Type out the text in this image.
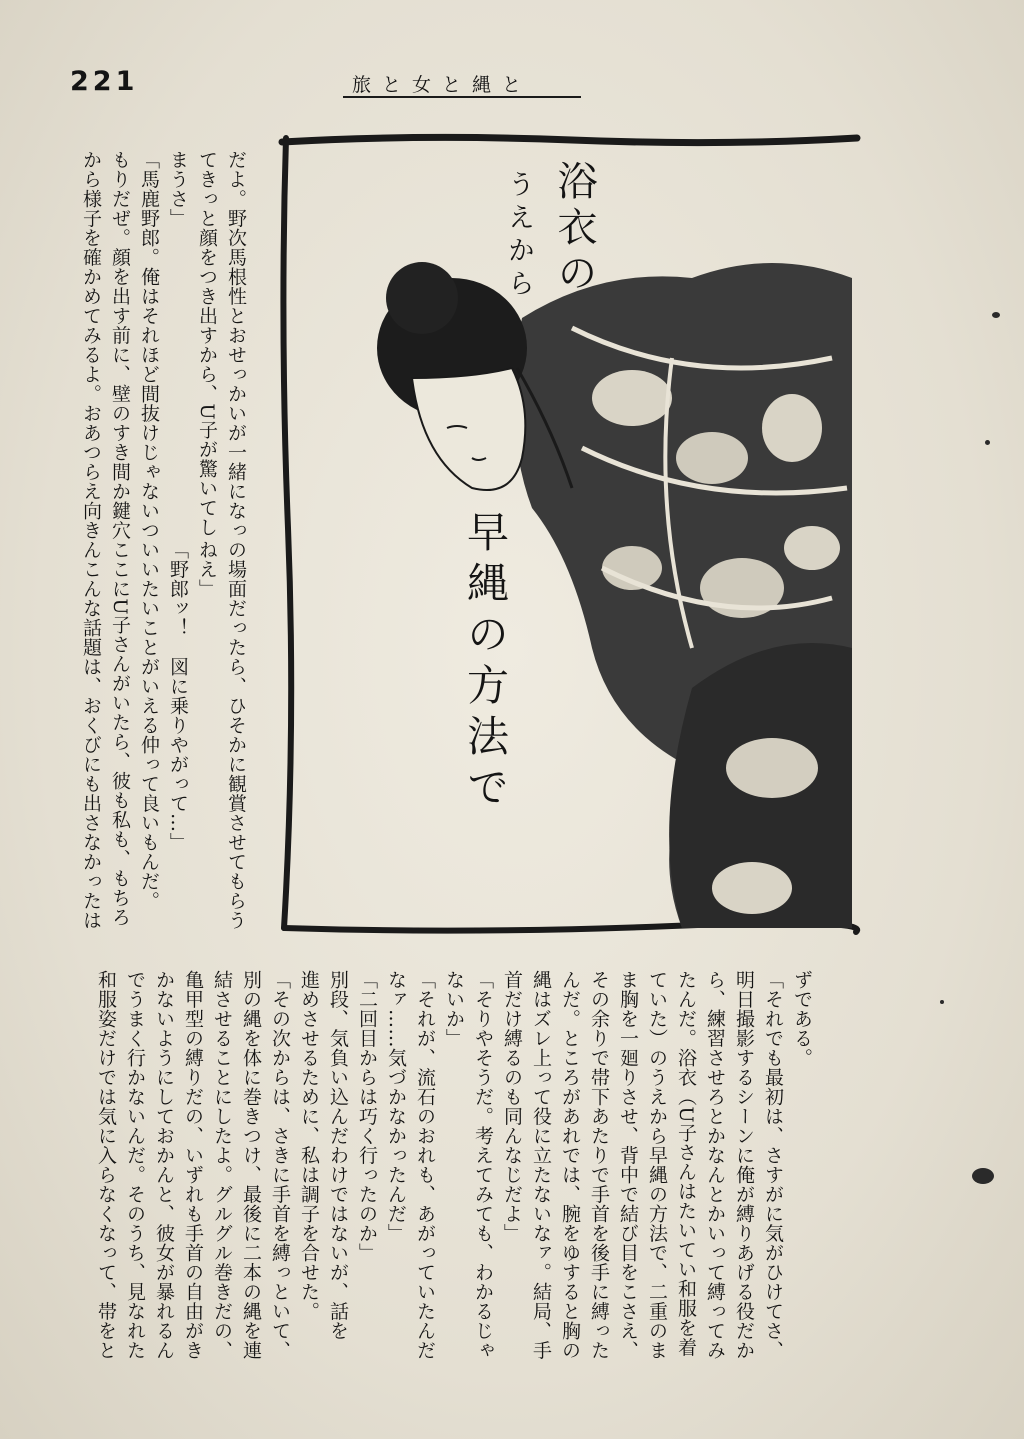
221	旅と女と縄と

だよ。野次馬根性とおせっかいが一緒になっ

てきっと顔をつき出すから、U子が驚いてし

まうさ」

「馬鹿野郎。俺はそれほど間抜けじゃないつ

もりだぜ。顔を出す前に、壁のすき間か鍵穴

から様子を確かめてみるよ。おあつらえ向き

の場面だったら、ひそかに観賞させてもらう

ねえ」

「野郎ッ！　図に乗りやがって…」

いいたいことがいえる仲って良いもんだ。

ここにU子さんがいたら、彼も私も、もちろ

んこんな話題は、おくびにも出さなかったは

浴衣の
うえから
早縄の方法で

ずである。

「それでも最初は、さすがに気がひけてさ、

明日撮影するシーンに俺が縛りあげる役だか

ら、練習させろとかなんとかいって縛ってみ

たんだ。浴衣（U子さんはたいてい和服を着

ていた）のうえから早縄の方法で、二重のま

ま胸を一廻りさせ、背中で結び目をこさえ、

その余りで帯下あたりで手首を後手に縛った

んだ。ところがあれでは、腕をゆすると胸の

縄はズレ上って役に立たないなァ。結局、手

首だけ縛るのも同んなじだよ」

「そりやそうだ。考えてみても、わかるじゃ

ないか」

「それが、流石のおれも、あがっていたんだ

なァ……気づかなかったんだ」

「二回目からは巧く行ったのか」

別段、気負い込んだわけではないが、話を

進めさせるために、私は調子を合せた。

「その次からは、さきに手首を縛っといて、

別の縄を体に巻きつけ、最後に二本の縄を連

結させることにしたよ。グルグル巻きだの、

亀甲型の縛りだの、いずれも手首の自由がき

かないようにしておかんと、彼女が暴れるん

でうまく行かないんだ。そのうち、見なれた

和服姿だけでは気に入らなくなって、帯をと
